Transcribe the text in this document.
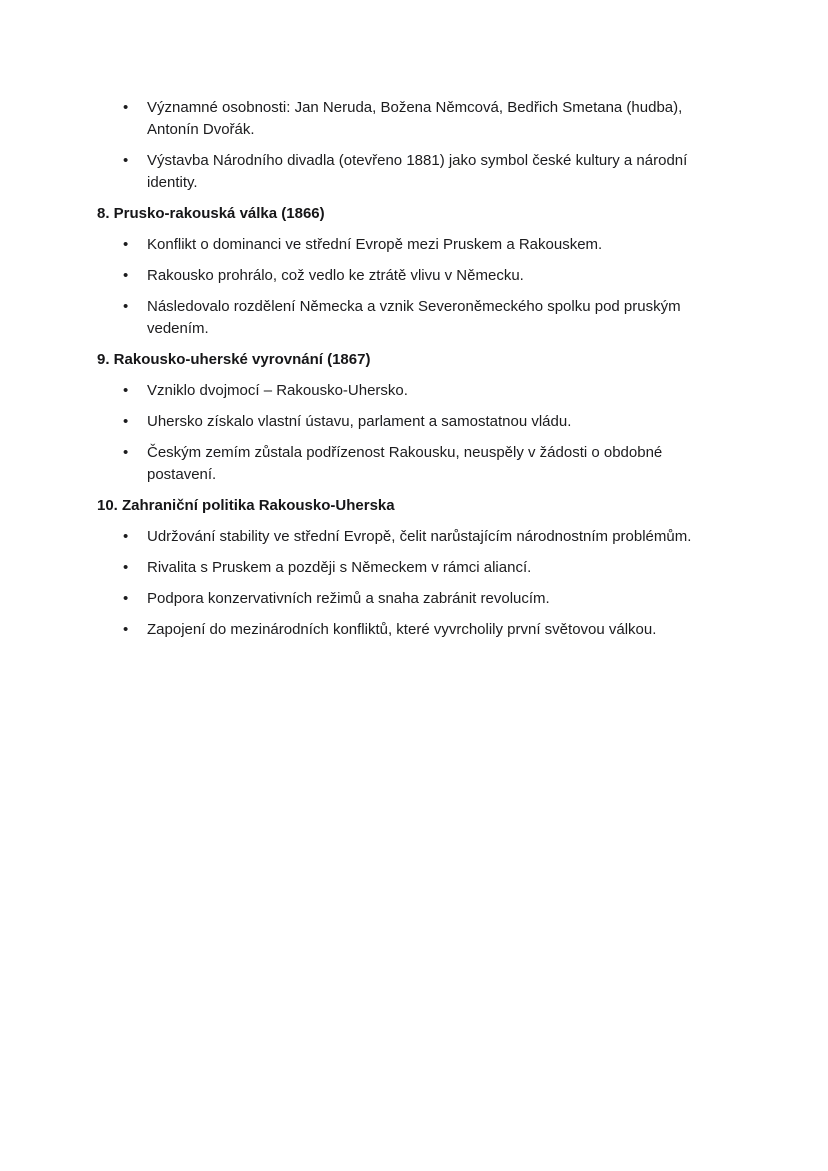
• Významné osobnosti: Jan Neruda, Božena Němcová, Bedřich Smetana (hudba), Antonín Dvořák.

• Výstavba Národního divadla (otevřeno 1881) jako symbol české kultury a národní identity.

8. Prusko-rakouská válka (1866)

• Konflikt o dominanci ve střední Evropě mezi Pruskem a Rakouskem.

• Rakousko prohrálo, což vedlo ke ztrátě vlivu v Německu.

• Následovalo rozdělení Německa a vznik Severoněmeckého spolku pod pruským vedením.

9. Rakousko-uherské vyrovnání (1867)

• Vzniklo dvojmocí – Rakousko-Uhersko.

• Uhersko získalo vlastní ústavu, parlament a samostatnou vládu.

• Českým zemím zůstala podřízenost Rakousku, neuspěly v žádosti o obdobné postavení.

10. Zahraniční politika Rakousko-Uherska

• Udržování stability ve střední Evropě, čelit narůstajícím národnostním problémům.

• Rivalita s Pruskem a později s Německem v rámci aliancí.

• Podpora konzervativních režimů a snaha zabránit revolucím.

• Zapojení do mezinárodních konfliktů, které vyvrcholily první světovou válkou.
